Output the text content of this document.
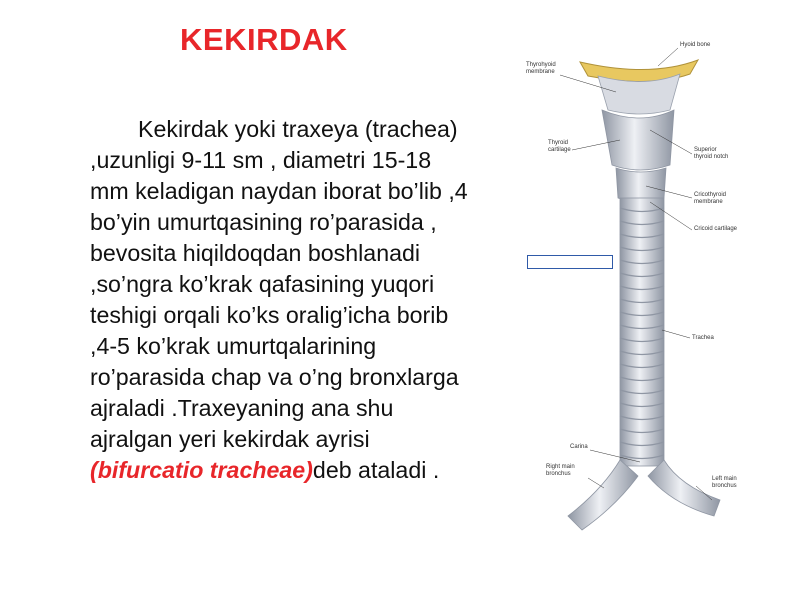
KEKIRDAK
Kekirdak yoki traxeya (trachea) ,uzunligi 9-11 sm , diametri 15-18 mm keladigan naydan iborat bo’lib ,4 bo’yin umurtqasining ro’parasida , bevosita hiqildoqdan boshlanadi ,so’ngra ko’krak qafasining yuqori teshigi orqali ko’ks oralig’icha borib ,4-5 ko’krak umurtqalarining ro’parasida chap va o’ng bronxlarga ajraladi .Traxeyaning ana shu ajralgan yeri kekirdak ayrisi (bifurcatio tracheae)deb ataladi .
Hyoid bone
Thyrohyoid
membrane
Thyroid
cartilage	Superior
thyroid notch
Cricothyroid
membrane
Cricoid cartilage
Trachea
Carina
Right main
bronchus
Left main
bronchus
